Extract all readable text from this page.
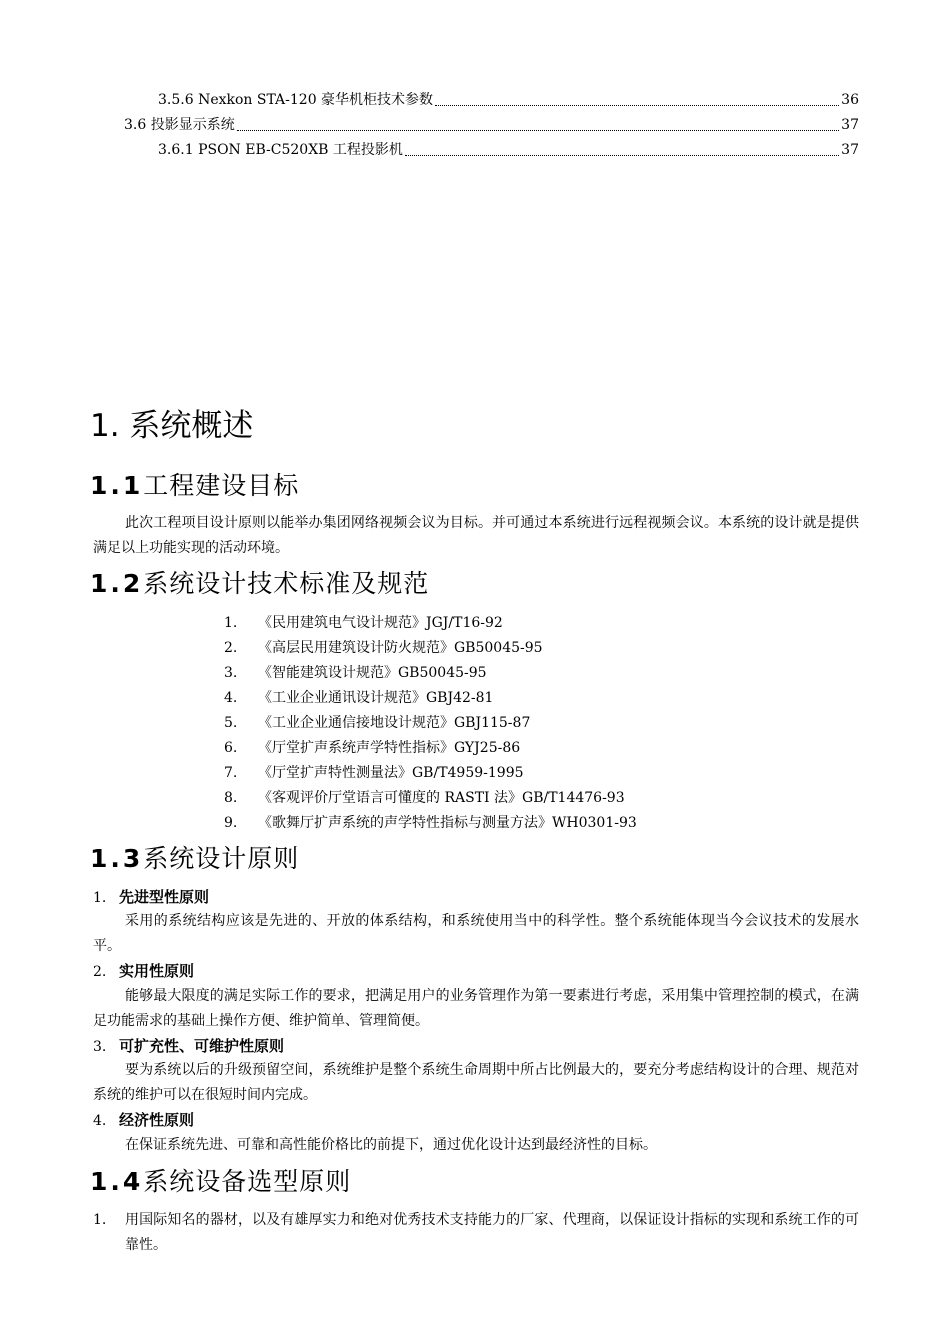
3.5.6 Nexkon STA-120 豪华机柜技术参数	36
3.6 投影显示系统	37
3.6.1 PSON EB-C520XB 工程投影机	37
1. 系统概述
1.1工程建设目标
此次工程项目设计原则以能举办集团网络视频会议为目标。并可通过本系统进行远程视频会议。本系统的设计就是提供满足以上功能实现的活动环境。
1.2系统设计技术标准及规范
1. 《民用建筑电气设计规范》JGJ/T16-92
2. 《高层民用建筑设计防火规范》GB50045-95
3. 《智能建筑设计规范》GB50045-95
4. 《工业企业通讯设计规范》GBJ42-81
5. 《工业企业通信接地设计规范》GBJ115-87
6. 《厅堂扩声系统声学特性指标》GYJ25-86
7. 《厅堂扩声特性测量法》GB/T4959-1995
8. 《客观评价厅堂语言可懂度的 RASTI 法》GB/T14476-93
9. 《歌舞厅扩声系统的声学特性指标与测量方法》WH0301-93
1.3系统设计原则
1. 先进型性原则
采用的系统结构应该是先进的、开放的体系结构，和系统使用当中的科学性。整个系统能体现当今会议技术的发展水平。
2. 实用性原则
能够最大限度的满足实际工作的要求，把满足用户的业务管理作为第一要素进行考虑，采用集中管理控制的模式，在满足功能需求的基础上操作方便、维护简单、管理简便。
3. 可扩充性、可维护性原则
要为系统以后的升级预留空间，系统维护是整个系统生命周期中所占比例最大的，要充分考虑结构设计的合理、规范对系统的维护可以在很短时间内完成。
4. 经济性原则
在保证系统先进、可靠和高性能价格比的前提下，通过优化设计达到最经济性的目标。
1.4系统设备选型原则
1.	用国际知名的器材，以及有雄厚实力和绝对优秀技术支持能力的厂家、代理商，以保证设计指标的实现和系统工作的可靠性。
